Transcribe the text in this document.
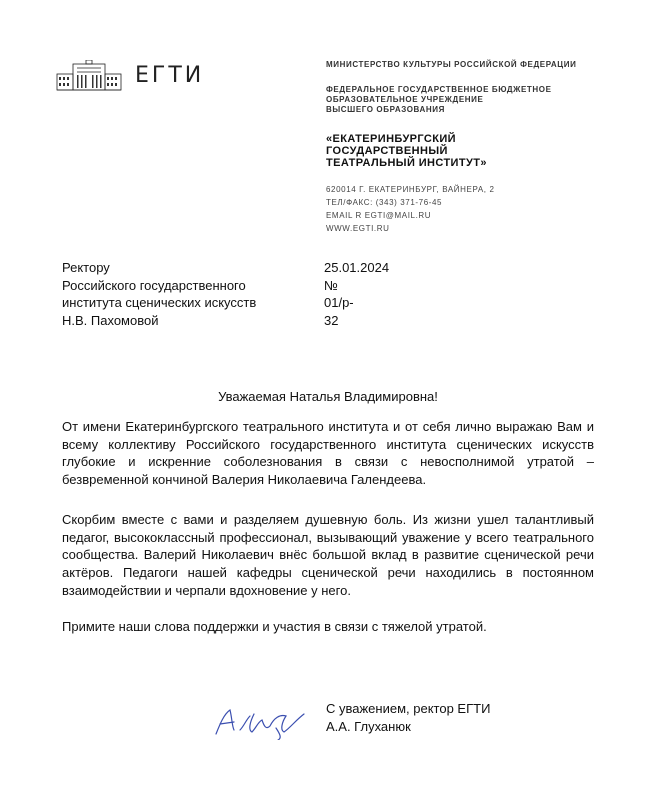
ЕГТИ	МИНИСТЕРСТВО КУЛЬТУРЫ РОССИЙСКОЙ ФЕДЕРАЦИИ
ФЕДЕРАЛЬНОЕ ГОСУДАРСТВЕННОЕ БЮДЖЕТНОЕ
ОБРАЗОВАТЕЛЬНОЕ УЧРЕЖДЕНИЕ
ВЫСШЕГО ОБРАЗОВАНИЯ
«ЕКАТЕРИНБУРГСКИЙ
ГОСУДАРСТВЕННЫЙ
ТЕАТРАЛЬНЫЙ ИНСТИТУТ»
620014 Г. ЕКАТЕРИНБУРГ, ВАЙНЕРА, 2
ТЕЛ/ФАКС: (343) 371-76-45
EMAIL R EGTI@MAIL.RU
WWW.EGTI.RU
Ректору
Российского государственного
института сценических искусств
Н.В. Пахомовой
25.01.2024
№
01/р-
32
Уважаемая Наталья Владимировна!
От имени Екатеринбургского театрального института и от себя лично выражаю Вам и всему коллективу Российского государственного института сценических искусств глубокие и искренние соболезнования в связи с невосполнимой утратой – безвременной кончиной Валерия Николаевича Галендеева.
Скорбим вместе с вами и разделяем душевную боль. Из жизни ушел талантливый педагог, высококлассный профессионал, вызывающий уважение у всего театрального сообщества. Валерий Николаевич внёс большой вклад в развитие сценической речи актёров. Педагоги нашей кафедры сценической речи находились в постоянном взаимодействии и черпали вдохновение у него.
Примите наши слова поддержки и участия в связи с тяжелой утратой.
С уважением, ректор ЕГТИ
А.А. Глуханюк
